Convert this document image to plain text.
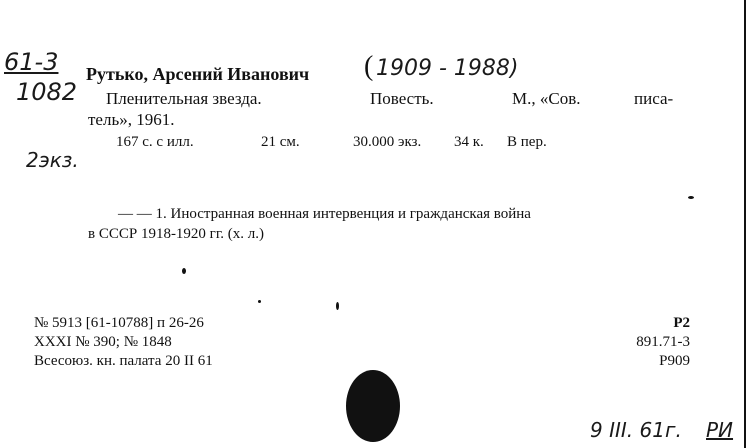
61-3
1082
Рутько, Арсений Иванович ( 1909 - 1988)
Пленительная звезда.	Повесть.	М., «Сов.	писа-
тель», 1961.
167 с. с илл.	21 см.	30.000 экз. 34 к. В пер.
2экз.
— — 1. Иностранная военная интервенция и гражданская война
в СССР 1918-1920 гг. (х. л.)
№ 5913 [61-10788] п 26-26
XXXI № 390; № 1848
Всесоюз. кн. палата 20 II 61
Р2
891.71-3
Р909
9 III. 61г. РИ
